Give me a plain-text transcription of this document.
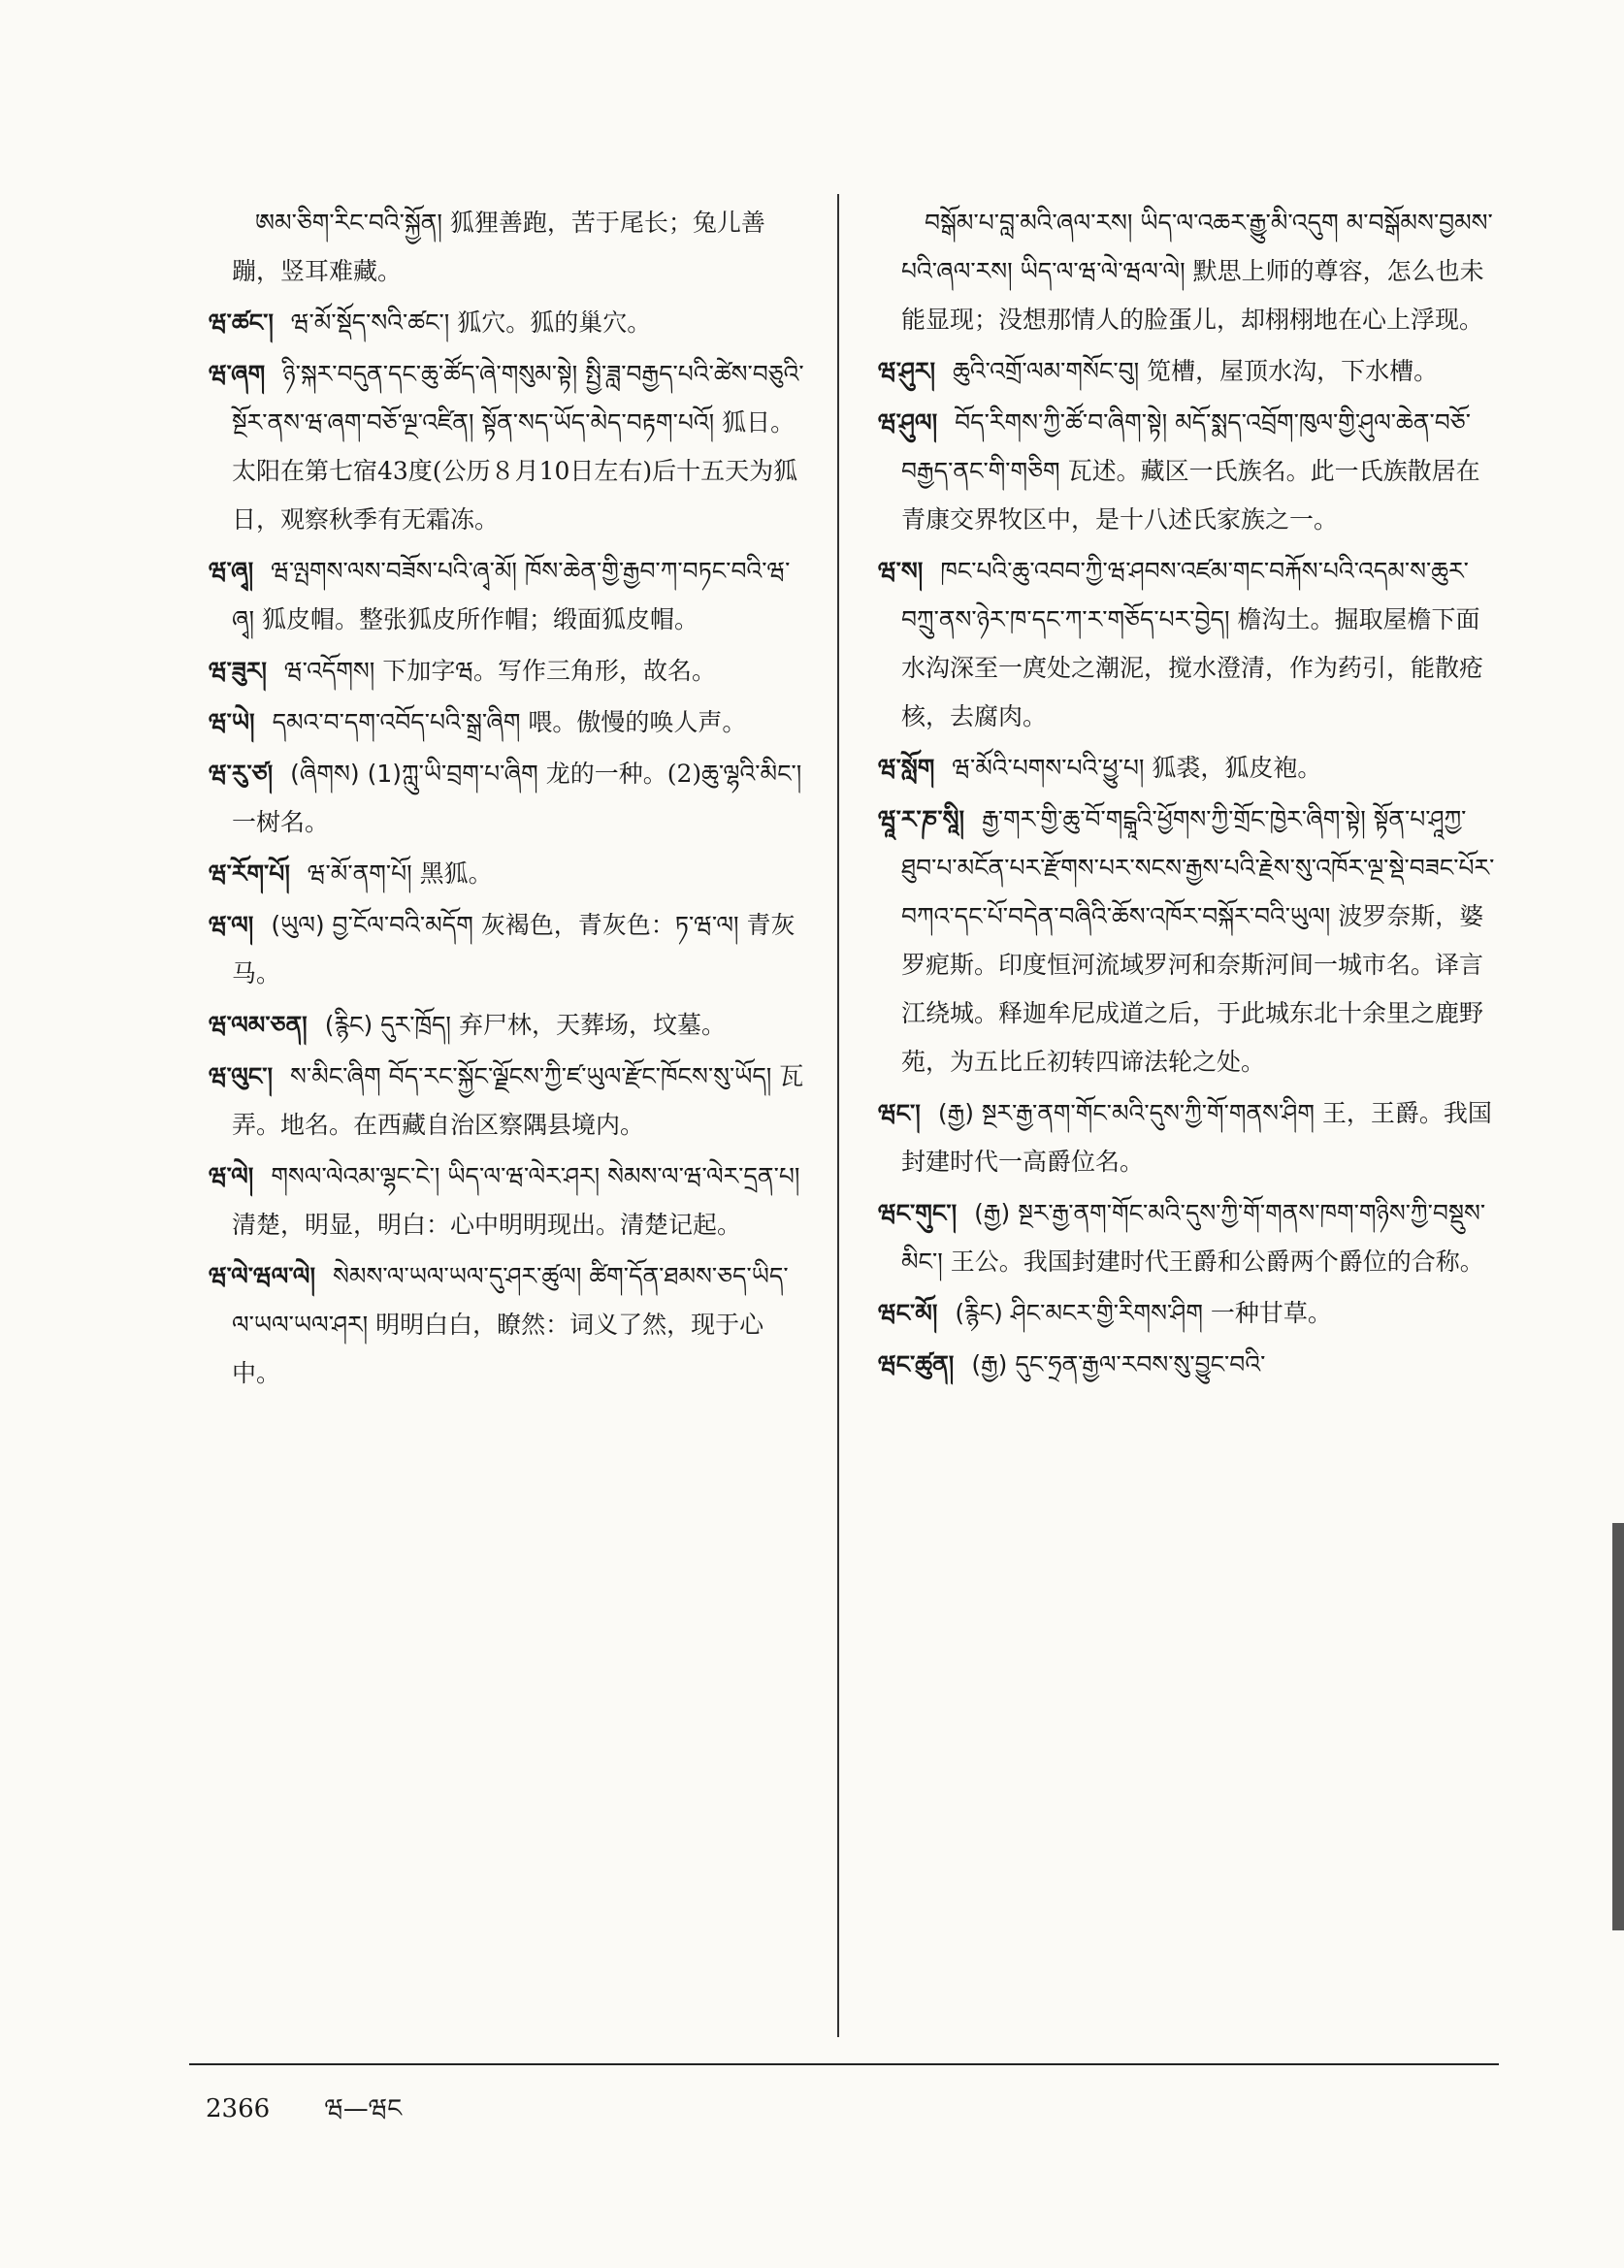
ཨམ་ཅིག་རིང་བའི་སྐྱོན། 狐狸善跑，苦于尾长；兔儿善蹦，竖耳难藏。
ཝ་ཚང་། ཝ་མོ་སྡོད་སའི་ཚང་། 狐穴。狐的巢穴。
ཝ་ཞག ཉི་སྐར་བདུན་དང་ཆུ་ཚོད་ཞེ་གསུམ་སྟེ། སྤྱི་ཟླ་བརྒྱད་པའི་ཚེས་བཅུའི་སྔོར་ནས་ཝ་ཞག་བཅོ་ལྔ་འཛིན། སྟོན་སད་ཡོད་མེད་བརྟག་པའོ། 狐日。太阳在第七宿43度(公历８月10日左右)后十五天为狐日，观察秋季有无霜冻。
ཝ་ཞྭ། ཝ་ལྤགས་ལས་བཟོས་པའི་ཞྭ་མོ། ཁོས་ཆེན་གྱི་རྒྱབ་ཀ་བཏང་བའི་ཝ་ཞྭ། 狐皮帽。整张狐皮所作帽；缎面狐皮帽。
ཝ་ཟུར། ཝ་འདོགས། 下加字ཝ。写作三角形，故名。
ཝ་ཡེ། དམའ་བ་དག་འབོད་པའི་སྒྲ་ཞིག 喂。傲慢的唤人声。
ཝ་རུ་ཙ། (ཞིགས) (1)ཀླུ་ཡི་བྲག་པ་ཞིག 龙的一种。(2)ཆུ་ལྷའི་མིང་། 一树名。
ཝ་རོག་པོ། ཝ་མོ་ནག་པོ། 黑狐。
ཝ་ལ། (ཡུལ) བྱ་ངོལ་བའི་མདོག 灰褐色，青灰色：ཏ་ཝ་ལ། 青灰马。
ཝ་ལམ་ཅན། (རྙིང) དུར་ཁྲོད། 弃尸林，天葬场，坟墓。
ཝ་ལུང་། ས་མིང་ཞིག བོད་རང་སྐྱོང་ལྗོངས་ཀྱི་ཛ་ཡུལ་རྫོང་ཁོངས་སུ་ཡོད། 瓦弄。地名。在西藏自治区察隅县境内。
ཝ་ལེ། གསལ་ལེའམ་ལྷང་ངེ་། ཡིད་ལ་ཝ་ལེར་ཤར། སེམས་ལ་ཝ་ལེར་དྲན་པ། 清楚，明显，明白：心中明明现出。清楚记起。
ཝ་ལེ་ཝལ་ལེ། སེམས་ལ་ཡལ་ཡལ་དུ་ཤར་ཚུལ། ཚིག་དོན་ཐམས་ཅད་ཡིད་ལ་ཡལ་ཡལ་ཤར། 明明白白，瞭然：词义了然，现于心中。
བསྒོམ་པ་བླ་མའི་ཞལ་རས། ཡིད་ལ་འཆར་རྒྱུ་མི་འདུག མ་བསྒོམས་བྱམས་པའི་ཞལ་རས། ཡིད་ལ་ཝ་ལེ་ཝལ་ལེ། 默思上师的尊容，怎么也未能显现；没想那情人的脸蛋儿，却栩栩地在心上浮现。
ཝ་ཤུར། ཆུའི་འགྲོ་ལམ་གསོང་བུ། 笕槽，屋顶水沟，下水槽。
ཝ་ཤུལ། བོད་རིགས་ཀྱི་ཚོ་བ་ཞིག་སྟེ། མདོ་སྨད་འབྲོག་ཁུལ་གྱི་ཤུལ་ཆེན་བཅོ་བརྒྱད་ནང་གི་གཅིག 瓦述。藏区一氏族名。此一氏族散居在青康交界牧区中，是十八述氏家族之一。
ཝ་ས། ཁང་པའི་ཆུ་འབབ་ཀྱི་ཝ་ཤབས་འཛམ་གང་བརྐོས་པའི་འདམ་ས་ཆུར་བཀྲུ་ནས་ཉེར་ཁ་དང་ཀ་ར་གཅོད་པར་བྱེད། 檐沟土。掘取屋檐下面水沟深至一庹处之潮泥，搅水澄清，作为药引，能散疮核，去腐肉。
ཝ་སློག ཝ་མོའི་པགས་པའི་ཕྱུ་པ། 狐裘，狐皮袍。
ཝཱ་ར་ཎ་སཱི། རྒྱ་གར་གྱི་ཆུ་བོ་གངྒཱའི་ཕྱོགས་ཀྱི་གྲོང་ཁྱེར་ཞིག་སྟེ། སྟོན་པ་ཤཱཀྱ་ཐུབ་པ་མངོན་པར་རྫོགས་པར་སངས་རྒྱས་པའི་རྗེས་སུ་འཁོར་ལྔ་སྡེ་བཟང་པོར་བཀའ་དང་པོ་བདེན་བཞིའི་ཆོས་འཁོར་བསྐོར་བའི་ཡུལ། 波罗奈斯，婆罗痆斯。印度恒河流域罗河和奈斯河间一城市名。译言江绕城。释迦牟尼成道之后，于此城东北十余里之鹿野苑，为五比丘初转四谛法轮之处。
ཝང་། (རྒྱ) སྔར་རྒྱ་ནག་གོང་མའི་དུས་ཀྱི་གོ་གནས་ཤིག 王，王爵。我国封建时代一高爵位名。
ཝང་གུང་། (རྒྱ) སྔར་རྒྱ་ནག་གོང་མའི་དུས་ཀྱི་གོ་གནས་ཁག་གཉིས་ཀྱི་བསྡུས་མིང་། 王公。我国封建时代王爵和公爵两个爵位的合称。
ཝང་མོ། (རྙིང) ཤིང་མངར་གྱི་རིགས་ཤིག 一种甘草。
ཝང་ཚུན། (རྒྱ) དུང་ཧྲན་རྒྱལ་རབས་སུ་བྱུང་བའི་
2366 ཝ—ཝང
